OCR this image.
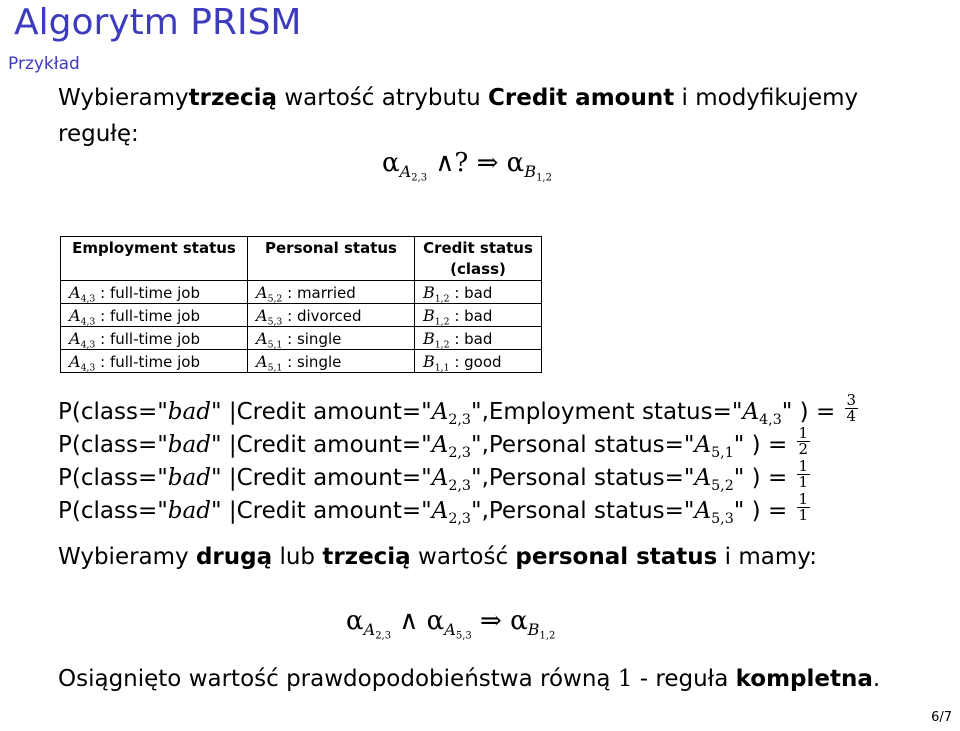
Algorytm PRISM
Przykład
Wybieramytrzecią wartość atrybutu Credit amount i modyfikujemy regułę:
$\alpha_{A_{2,3}}$ ∧? ⇒ $\alpha_{B_{1,2}}$
Employment status	Personal status	Credit status (class)
$A_{4,3}$ : full-time job	$A_{5,2}$ : married	$B_{1,2}$ : bad
$A_{4,3}$ : full-time job	$A_{5,3}$ : divorced	$B_{1,2}$ : bad
$A_{4,3}$ : full-time job	$A_{5,1}$ : single	$B_{1,2}$ : bad
$A_{4,3}$ : full-time job	$A_{5,1}$ : single	$B_{1,1}$ : good
P(class="bad" |Credit $amount="A_{2,3}",Employment$ $status="A_{4,3}$" ) = $\frac{3}{4}$
P(class="bad" |Credit $amount="A_{2,3}",Personal$ $status="A_{5,1}$" ) = $\frac{1}{2}$
P(class="bad" |Credit $amount="A_{2,3}",Personal$ $status="A_{5,2}$" ) = $\frac{1}{1}$
P(class="bad" |Credit $amount="A_{2,3}",Personal$ $status="A_{5,3}$" ) = $\frac{1}{1}$
Wybieramy drugą lub trzecią wartość personal status i mamy:
$\alpha_{A_{2,3}}$ ∧ $\alpha_{A_{5,3}}$ ⇒ $\alpha_{B_{1,2}}$
Osiągnięto wartość prawdopodobieństwa równą 1 - reguła kompletna.
6/7
